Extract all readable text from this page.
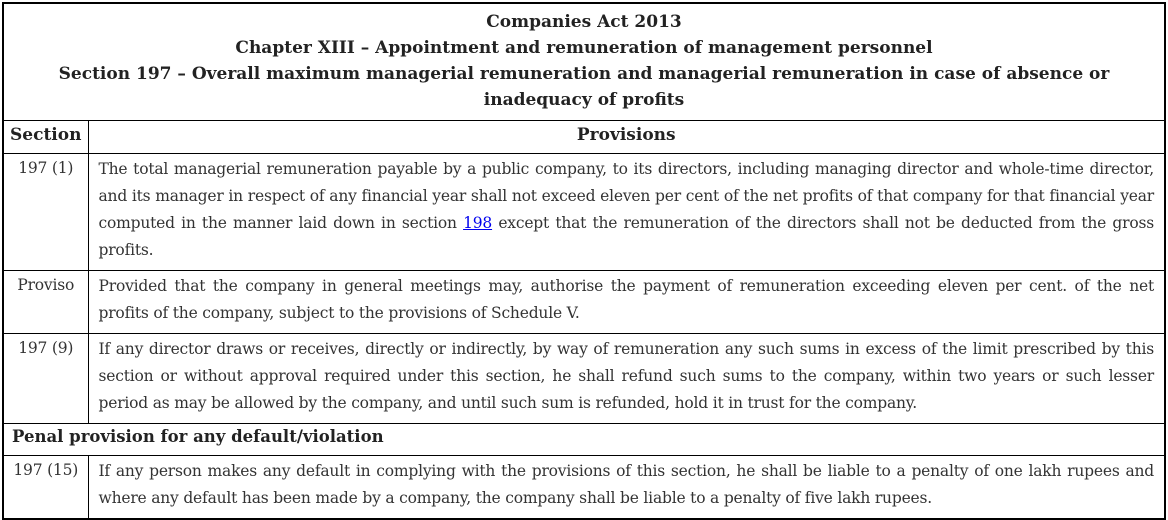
Companies Act 2013
Chapter XIII – Appointment and remuneration of management personnel
Section 197 – Overall maximum managerial remuneration and managerial remuneration in case of absence or inadequacy of profits	

Section	Provisions
197 (1)	The total managerial remuneration payable by a public company, to its directors, including managing director and whole-time director, and its manager in respect of any financial year shall not exceed eleven per cent of the net profits of that company for that financial year computed in the manner laid down in section 198 except that the remuneration of the directors shall not be deducted from the gross profits.
Proviso	Provided that the company in general meetings may, authorise the payment of remuneration exceeding eleven per cent. of the net profits of the company, subject to the provisions of Schedule V.
197 (9)	If any director draws or receives, directly or indirectly, by way of remuneration any such sums in excess of the limit prescribed by this section or without approval required under this section, he shall refund such sums to the company, within two years or such lesser period as may be allowed by the company, and until such sum is refunded, hold it in trust for the company.
Penal provision for any default/violation	
197 (15)	If any person makes any default in complying with the provisions of this section, he shall be liable to a penalty of one lakh rupees and where any default has been made by a company, the company shall be liable to a penalty of five lakh rupees.
